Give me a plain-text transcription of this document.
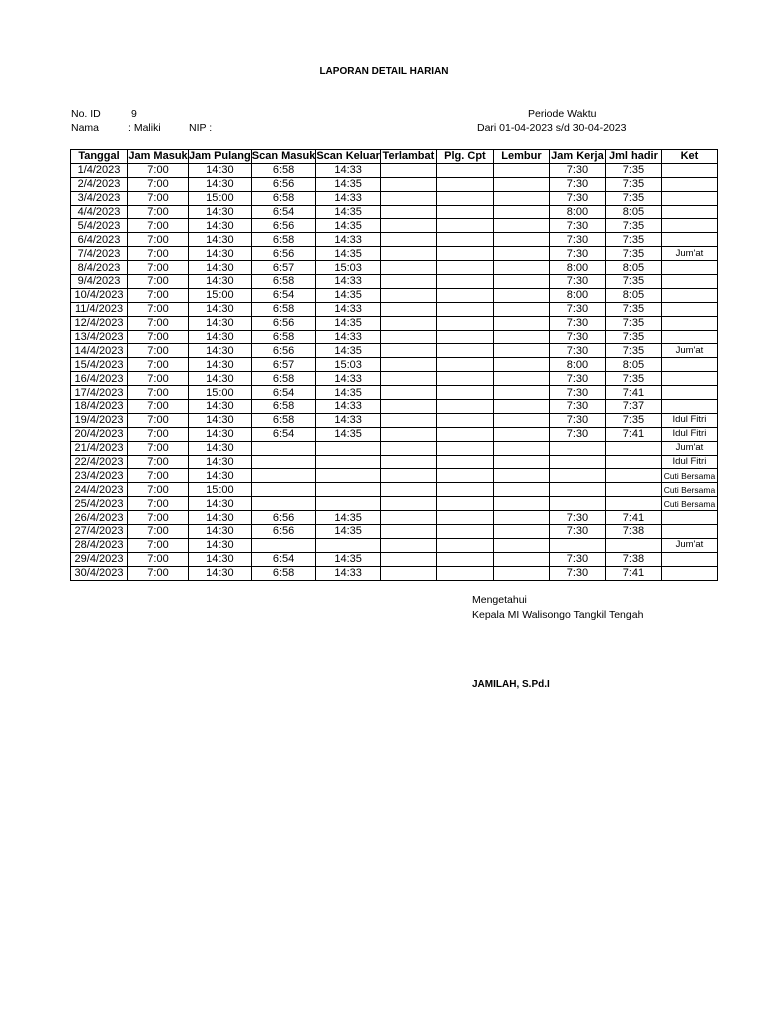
LAPORAN DETAIL HARIAN
No. ID	9
Nama	: Maliki	NIP :
Periode Waktu
Dari 01-04-2023 s/d 30-04-2023
Tanggal	Jam Masuk	Jam Pulang	Scan Masuk	Scan Keluar	Terlambat	Plg. Cpt	Lembur	Jam Kerja	Jml hadir	Ket
1/4/2023	7:00	14:30	6:58	14:33				7:30	7:35	
2/4/2023	7:00	14:30	6:56	14:35				7:30	7:35	
3/4/2023	7:00	15:00	6:58	14:33				7:30	7:35	
4/4/2023	7:00	14:30	6:54	14:35				8:00	8:05	
5/4/2023	7:00	14:30	6:56	14:35				7:30	7:35	
6/4/2023	7:00	14:30	6:58	14:33				7:30	7:35	
7/4/2023	7:00	14:30	6:56	14:35				7:30	7:35	Jum'at
8/4/2023	7:00	14:30	6:57	15:03				8:00	8:05	
9/4/2023	7:00	14:30	6:58	14:33				7:30	7:35	
10/4/2023	7:00	15:00	6:54	14:35				8:00	8:05	
11/4/2023	7:00	14:30	6:58	14:33				7:30	7:35	
12/4/2023	7:00	14:30	6:56	14:35				7:30	7:35	
13/4/2023	7:00	14:30	6:58	14:33				7:30	7:35	
14/4/2023	7:00	14:30	6:56	14:35				7:30	7:35	Jum'at
15/4/2023	7:00	14:30	6:57	15:03				8:00	8:05	
16/4/2023	7:00	14:30	6:58	14:33				7:30	7:35	
17/4/2023	7:00	15:00	6:54	14:35				7:30	7:41	
18/4/2023	7:00	14:30	6:58	14:33				7:30	7:37	
19/4/2023	7:00	14:30	6:58	14:33				7:30	7:35	Idul Fitri
20/4/2023	7:00	14:30	6:54	14:35				7:30	7:41	Idul Fitri
21/4/2023	7:00	14:30								Jum'at
22/4/2023	7:00	14:30								Idul Fitri
23/4/2023	7:00	14:30								Cuti Bersama
24/4/2023	7:00	15:00								Cuti Bersama
25/4/2023	7:00	14:30								Cuti Bersama
26/4/2023	7:00	14:30	6:56	14:35				7:30	7:41	
27/4/2023	7:00	14:30	6:56	14:35				7:30	7:38	
28/4/2023	7:00	14:30								Jum'at
29/4/2023	7:00	14:30	6:54	14:35				7:30	7:38	
30/4/2023	7:00	14:30	6:58	14:33				7:30	7:41	
Mengetahui
Kepala MI Walisongo Tangkil Tengah
JAMILAH, S.Pd.I
